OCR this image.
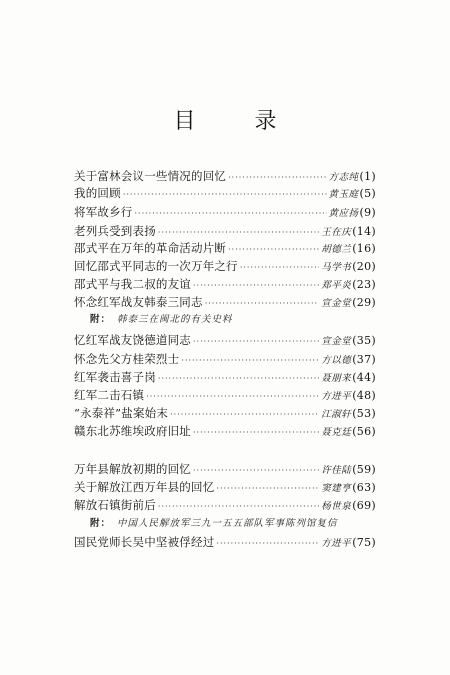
目 录
关于富林会议一些情况的回忆 ·····	方志纯 (1)
我的回顾 ·····	黄玉庭 (5)
将军故乡行 ·····	黄应扬 (9)
老列兵受到表扬 ·····	王在庆 (14)
邵式平在万年的革命活动片断 ·····	胡德兰 (16)
回忆邵式平同志的一次万年之行 ·····	马学书 (20)
邵式平与我二叔的友谊 ·····	郑平炎 (23)
怀念红军战友韩泰三同志 ·····	宣金堂 (29)
附： 韩泰三在闽北的有关史料
忆红军战友饶德道同志 ·····	宣金堂 (35)
怀念先父方桂荣烈士 ·····	方以德 (37)
红军袭击喜子岗 ·····	聂朋来 (44)
红军二击石镇 ·····	方进平 (48)
“永泰祥”盐案始末 ·····	江淑轩 (53)
赣东北苏维埃政府旧址 ·····	聂克廷 (56)
万年县解放初期的回忆 ·····	许佳陆 (59)
关于解放江西万年县的回忆 ·····	窦建亨 (63)
解放石镇街前后 ·····	杨世泉 (69)
附： 中国人民解放军三九一五五部队军事陈列馆复信
国民党师长吴中坚被俘经过 ·····	方进平 (75)
